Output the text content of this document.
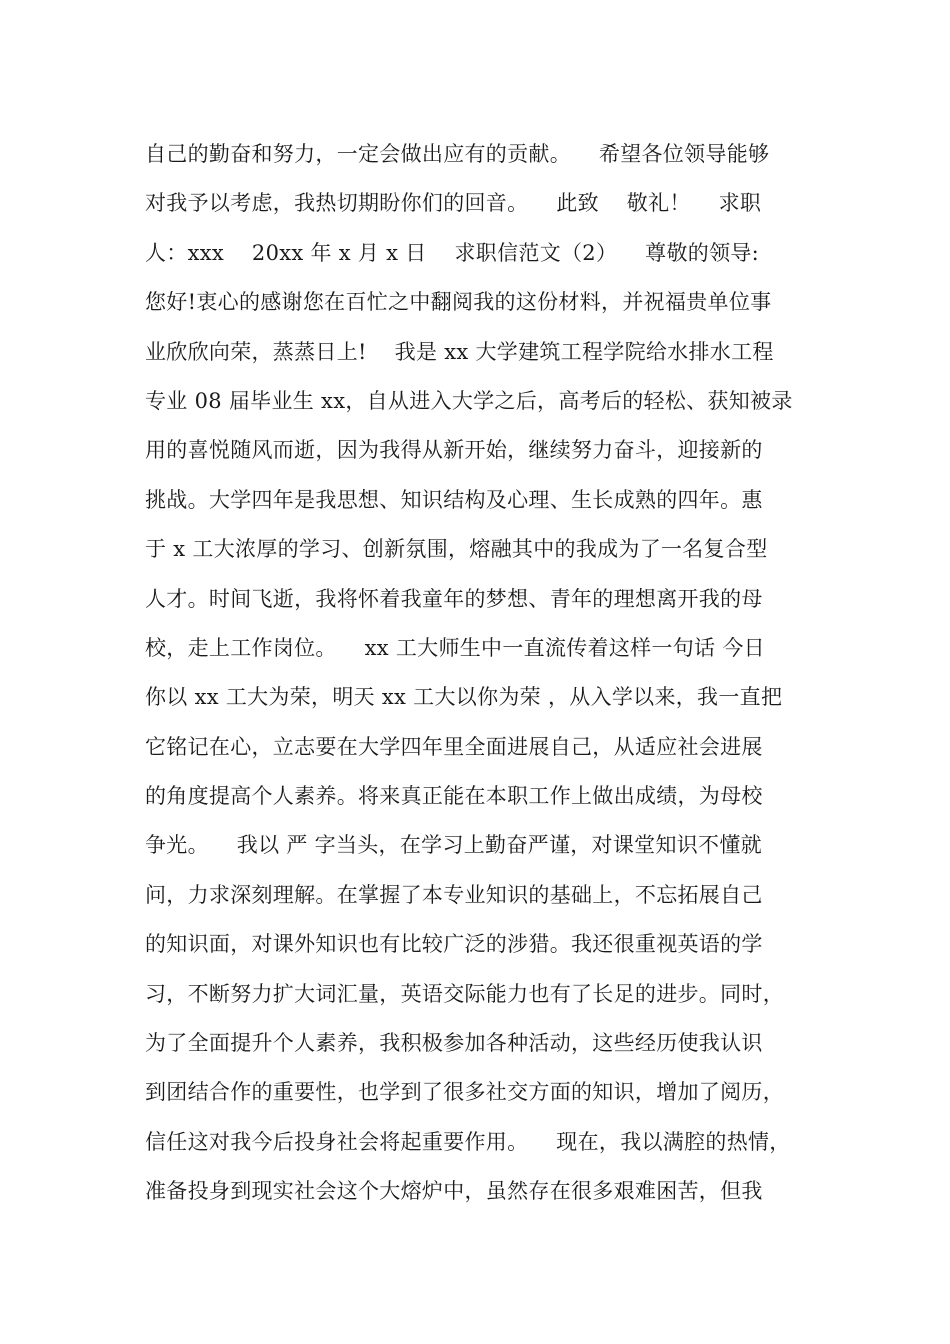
自己的勤奋和努力，一定会做出应有的贡献。    希望各位领导能够
对我予以考虑，我热切期盼你们的回音。    此致    敬礼！    求职
人：xxx    20xx 年 x 月 x 日    求职信范文（2）    尊敬的领导:
您好!衷心的感谢您在百忙之中翻阅我的这份材料，并祝福贵单位事
业欣欣向荣，蒸蒸日上!    我是 xx 大学建筑工程学院给水排水工程
专业 08 届毕业生 xx，自从进入大学之后，高考后的轻松、获知被录
用的喜悦随风而逝，因为我得从新开始，继续努力奋斗，迎接新的
挑战。大学四年是我思想、知识结构及心理、生长成熟的四年。惠
于 x 工大浓厚的学习、创新氛围，熔融其中的我成为了一名复合型
人才。时间飞逝，我将怀着我童年的梦想、青年的理想离开我的母
校，走上工作岗位。    xx 工大师生中一直流传着这样一句话 今日
你以 xx 工大为荣，明天 xx 工大以你为荣 ，从入学以来，我一直把
它铭记在心，立志要在大学四年里全面进展自己，从适应社会进展
的角度提高个人素养。将来真正能在本职工作上做出成绩，为母校
争光。    我以 严 字当头，在学习上勤奋严谨，对课堂知识不懂就
问，力求深刻理解。在掌握了本专业知识的基础上，不忘拓展自己
的知识面，对课外知识也有比较广泛的涉猎。我还很重视英语的学
习，不断努力扩大词汇量，英语交际能力也有了长足的进步。同时，
为了全面提升个人素养，我积极参加各种活动，这些经历使我认识
到团结合作的重要性，也学到了很多社交方面的知识，增加了阅历，
信任这对我今后投身社会将起重要作用。    现在，我以满腔的热情，
准备投身到现实社会这个大熔炉中，虽然存在很多艰难困苦，但我
